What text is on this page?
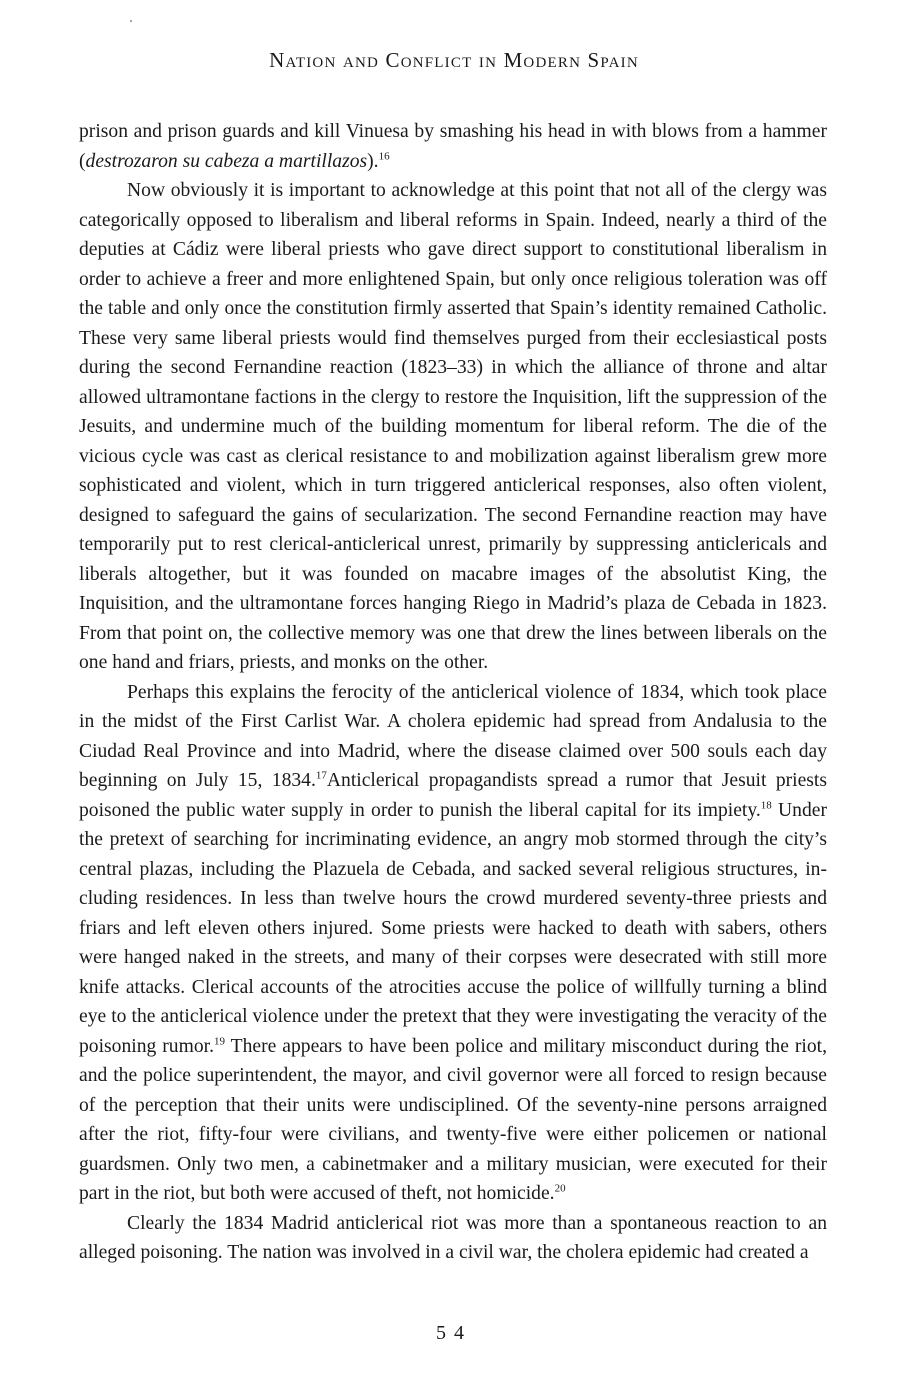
Nation and Conflict in Modern Spain

prison and prison guards and kill Vinuesa by smashing his head in with blows from a hammer (destrozaron su cabeza a martillazos).$^{16}$

Now obviously it is important to acknowledge at this point that not all of the clergy was categorically opposed to liberalism and liberal reforms in Spain. Indeed, nearly a third of the deputies at Cádiz were liberal priests who gave direct support to constitutional liberalism in order to achieve a freer and more enlightened Spain, but only once religious toleration was off the table and only once the constitution firmly asserted that Spain’s identity remained Catholic. These very same liberal priests would find themselves purged from their ecclesiastical posts during the second Fernandine reaction (1823–33) in which the alliance of throne and altar allowed ultramontane factions in the clergy to restore the Inquisition, lift the suppression of the Jesuits, and undermine much of the building momentum for liberal reform. The die of the vicious cycle was cast as clerical resistance to and mobilization against liberalism grew more sophisticated and violent, which in turn triggered anticlerical responses, also often violent, designed to safeguard the gains of secularization. The second Fernandine reaction may have temporarily put to rest clerical-anticlerical unrest, primarily by suppressing anticlericals and liberals altogether, but it was founded on macabre images of the absolutist King, the Inquisition, and the ultramontane forces hanging Riego in Madrid’s plaza de Cebada in 1823. From that point on, the collective memory was one that drew the lines between liberals on the one hand and friars, priests, and monks on the other.

Perhaps this explains the ferocity of the anticlerical violence of 1834, which took place in the midst of the First Carlist War. A cholera epidemic had spread from Andalusia to the Ciudad Real Province and into Madrid, where the disease claimed over 500 souls each day beginning on July 15, 1834.17Anticlerical propagandists spread a rumor that Jesuit priests poisoned the public water supply in order to punish the liberal capital for its impiety.$^{18}$ Under the pretext of searching for incriminating evidence, an angry mob stormed through the city’s central plazas, including the Plazuela de Cebada, and sacked several religious structures, including residences. In less than twelve hours the crowd murdered seventy-three priests and friars and left eleven others injured. Some priests were hacked to death with sabers, others were hanged naked in the streets, and many of their corpses were desecrated with still more knife attacks. Clerical accounts of the atrocities accuse the police of willfully turning a blind eye to the anticlerical violence under the pretext that they were investigating the veracity of the poisoning rumor.$^{19}$ There appears to have been police and military misconduct during the riot, and the police superintendent, the mayor, and civil governor were all forced to resign because of the perception that their units were undisciplined. Of the seventy-nine persons arraigned after the riot, fifty-four were civilians, and twenty-five were either policemen or national guardsmen. Only two men, a cabinetmaker and a military musician, were executed for their part in the riot, but both were accused of theft, not homicide.$^{20}$

Clearly the 1834 Madrid anticlerical riot was more than a spontaneous reaction to an alleged poisoning. The nation was involved in a civil war, the cholera epidemic had created a

54
